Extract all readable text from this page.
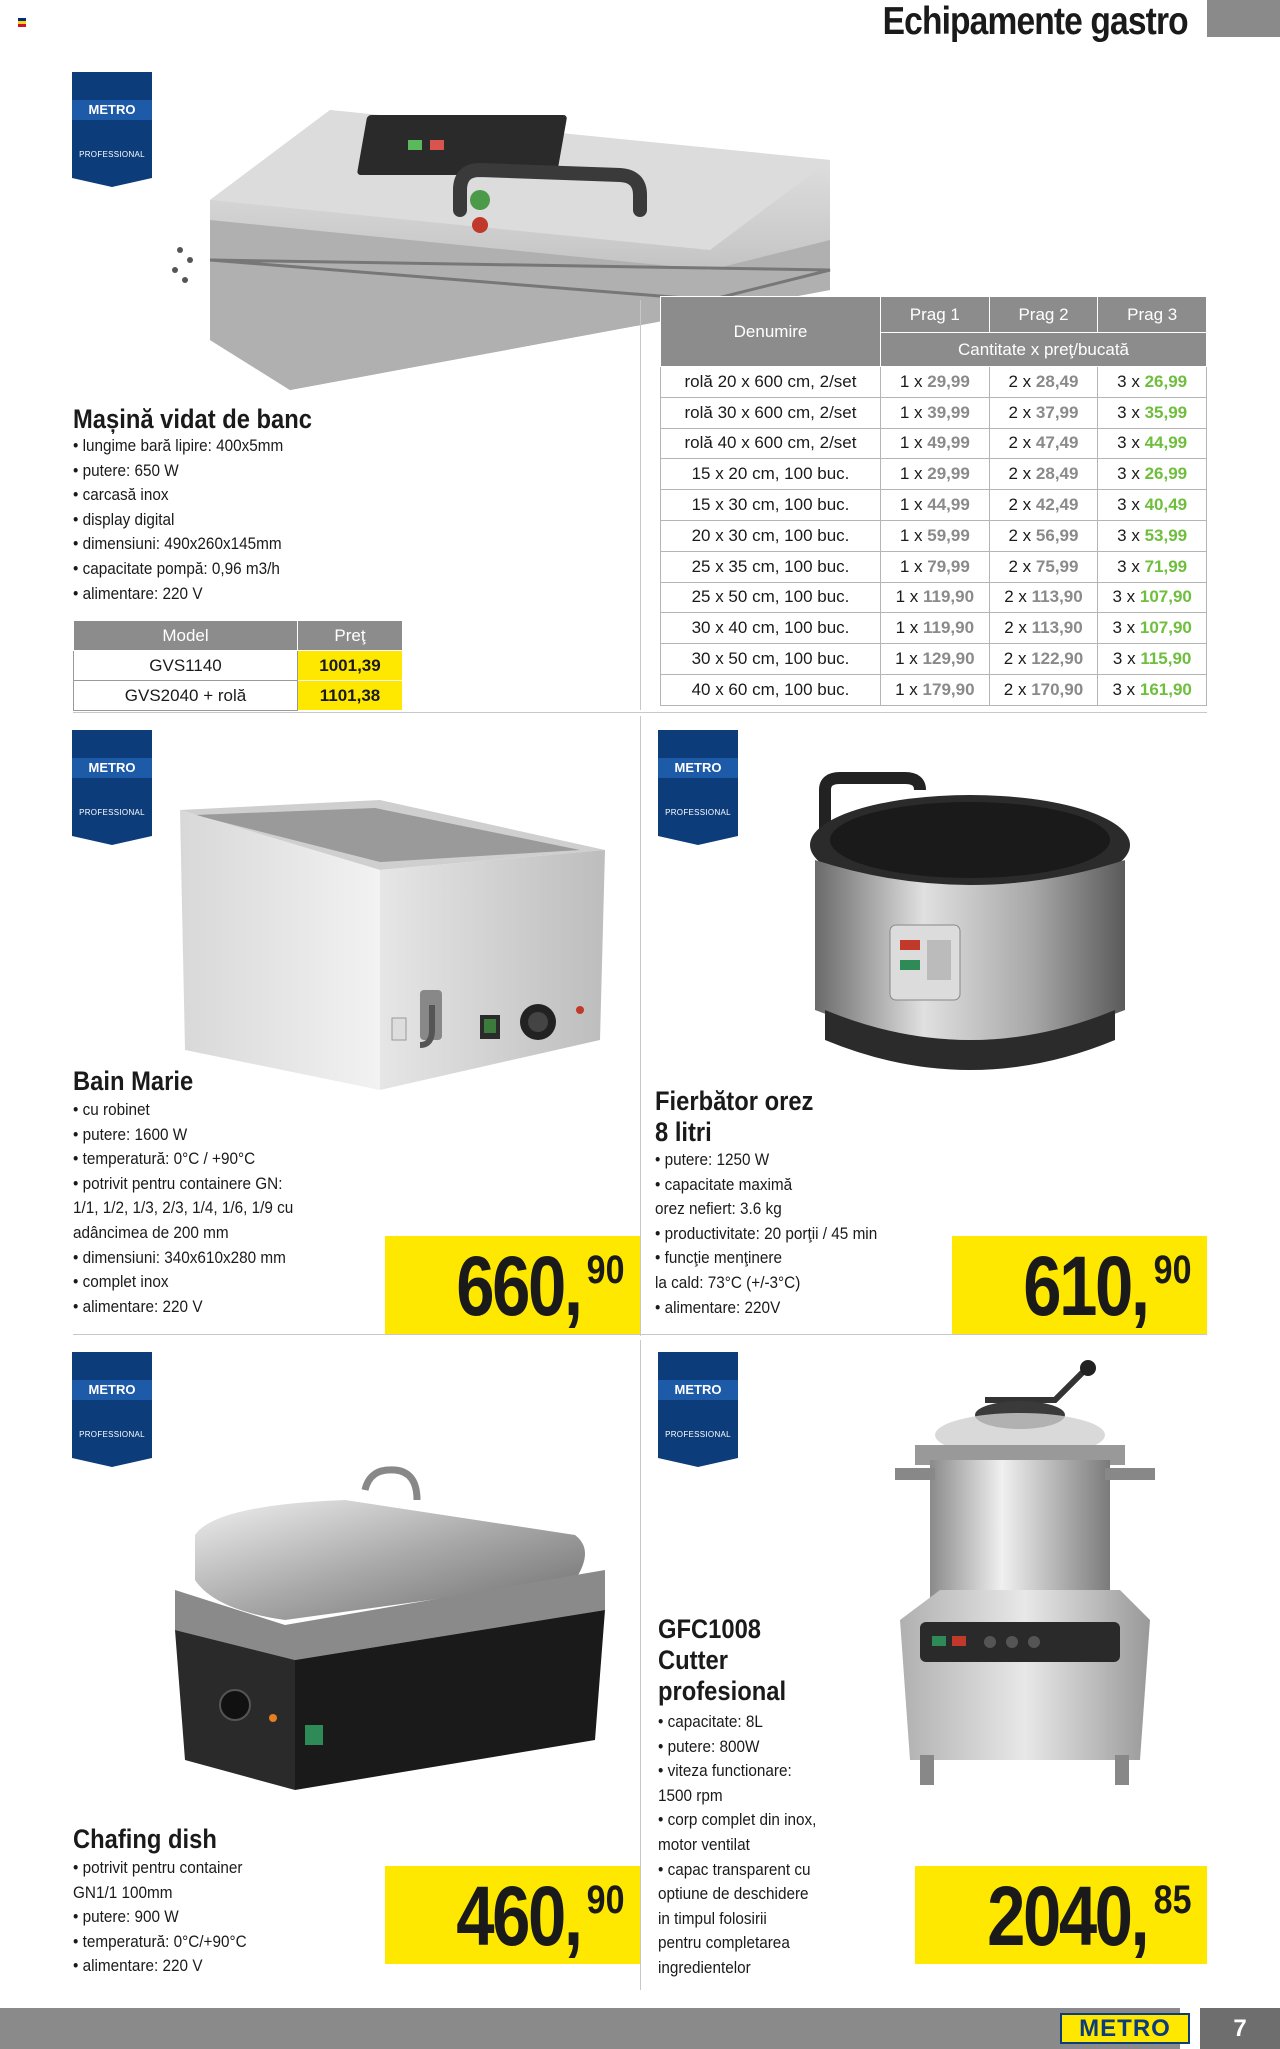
Echipamente gastro
METRO
PROFESSIONAL
Mașină vidat de banc
• lungime bară lipire: 400x5mm
• putere: 650 W
• carcasă inox
• display digital
• dimensiuni: 490x260x145mm
• capacitate pompă: 0,96 m3/h
• alimentare: 220 V
Model	Preţ
GVS1140	1001,39
GVS2040 + rolă	1101,38
Denumire	Prag 1	Prag 2	Prag 3
	Cantitate x preţ/bucată		
rolă 20 x 600 cm, 2/set	1 x 29,99	2 x 28,49	3 x 26,99
rolă 30 x 600 cm, 2/set	1 x 39,99	2 x 37,99	3 x 35,99
rolă 40 x 600 cm, 2/set	1 x 49,99	2 x 47,49	3 x 44,99
15 x 20 cm, 100 buc.	1 x 29,99	2 x 28,49	3 x 26,99
15 x 30 cm, 100 buc.	1 x 44,99	2 x 42,49	3 x 40,49
20 x 30 cm, 100 buc.	1 x 59,99	2 x 56,99	3 x 53,99
25 x 35 cm, 100 buc.	1 x 79,99	2 x 75,99	3 x 71,99
25 x 50 cm, 100 buc.	1 x 119,90	2 x 113,90	3 x 107,90
30 x 40 cm, 100 buc.	1 x 119,90	2 x 113,90	3 x 107,90
30 x 50 cm, 100 buc.	1 x 129,90	2 x 122,90	3 x 115,90
40 x 60 cm, 100 buc.	1 x 179,90	2 x 170,90	3 x 161,90
METRO
PROFESSIONAL
Bain Marie
• cu robinet
• putere: 1600 W
• temperatură: 0°C / +90°C
• potrivit pentru containere GN:
1/1, 1/2, 1/3, 2/3, 1/4, 1/6, 1/9 cu
adâncimea de 200 mm
• dimensiuni: 340x610x280 mm
• complet inox
• alimentare: 220 V	660, 90
METRO
PROFESSIONAL
Fierbător orez
8 litri
• putere: 1250 W
• capacitate maximă
orez nefiert: 3.6 kg
• productivitate: 20 porţii / 45 min
• funcţie menţinere
la cald: 73°C (+/-3°C)
• alimentare: 220V	610, 90
METRO
PROFESSIONAL
Chafing dish
• potrivit pentru container
GN1/1 100mm
• putere: 900 W
• temperatură: 0°C/+90°C
• alimentare: 220 V
460, 90
METRO
PROFESSIONAL
GFC1008
Cutter
profesional
• capacitate: 8L
• putere: 800W
• viteza functionare:
1500 rpm
• corp complet din inox,
motor ventilat
• capac transparent cu
optiune de deschidere
in timpul folosirii
pentru completarea
ingredientelor
2040, 85
METRO	7
